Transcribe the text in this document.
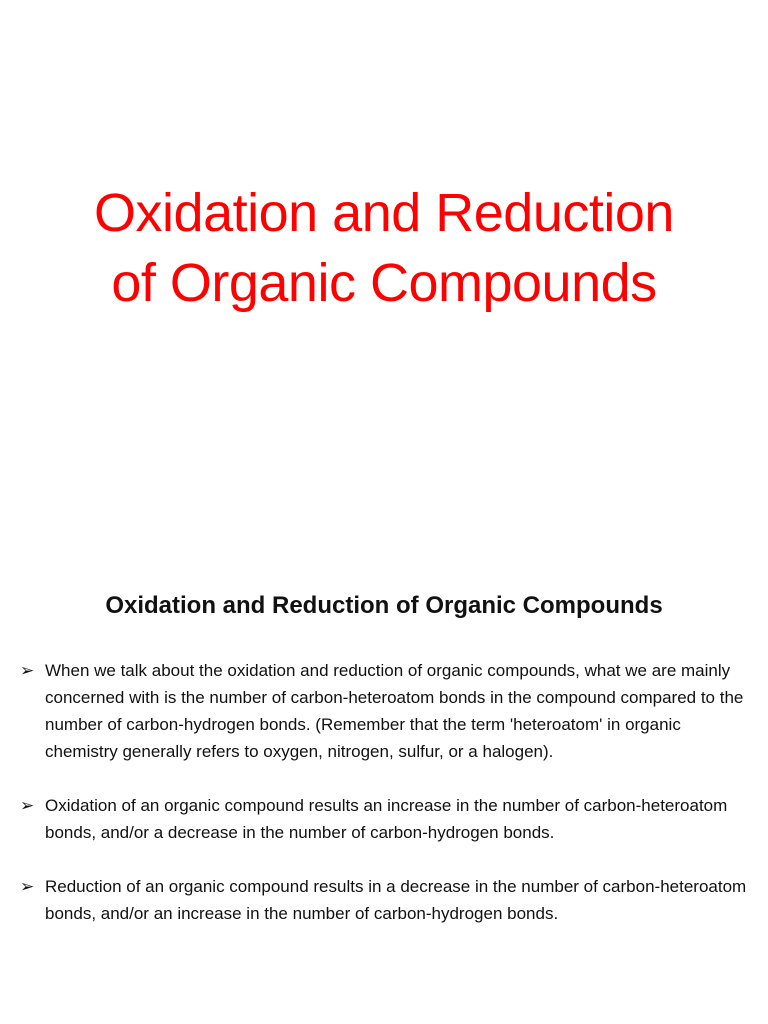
Oxidation and Reduction
of Organic Compounds
Oxidation and Reduction of Organic Compounds
➢ When we talk about the oxidation and reduction of organic compounds, what we are mainly concerned with is the number of carbon-heteroatom bonds in the compound compared to the number of carbon-hydrogen bonds. (Remember that the term 'heteroatom' in organic chemistry generally refers to oxygen, nitrogen, sulfur, or a halogen).
➢ Oxidation of an organic compound results an increase in the number of carbon-heteroatom bonds, and/or a decrease in the number of carbon-hydrogen bonds.
➢ Reduction of an organic compound results in a decrease in the number of carbon-heteroatom bonds, and/or an increase in the number of carbon-hydrogen bonds.
